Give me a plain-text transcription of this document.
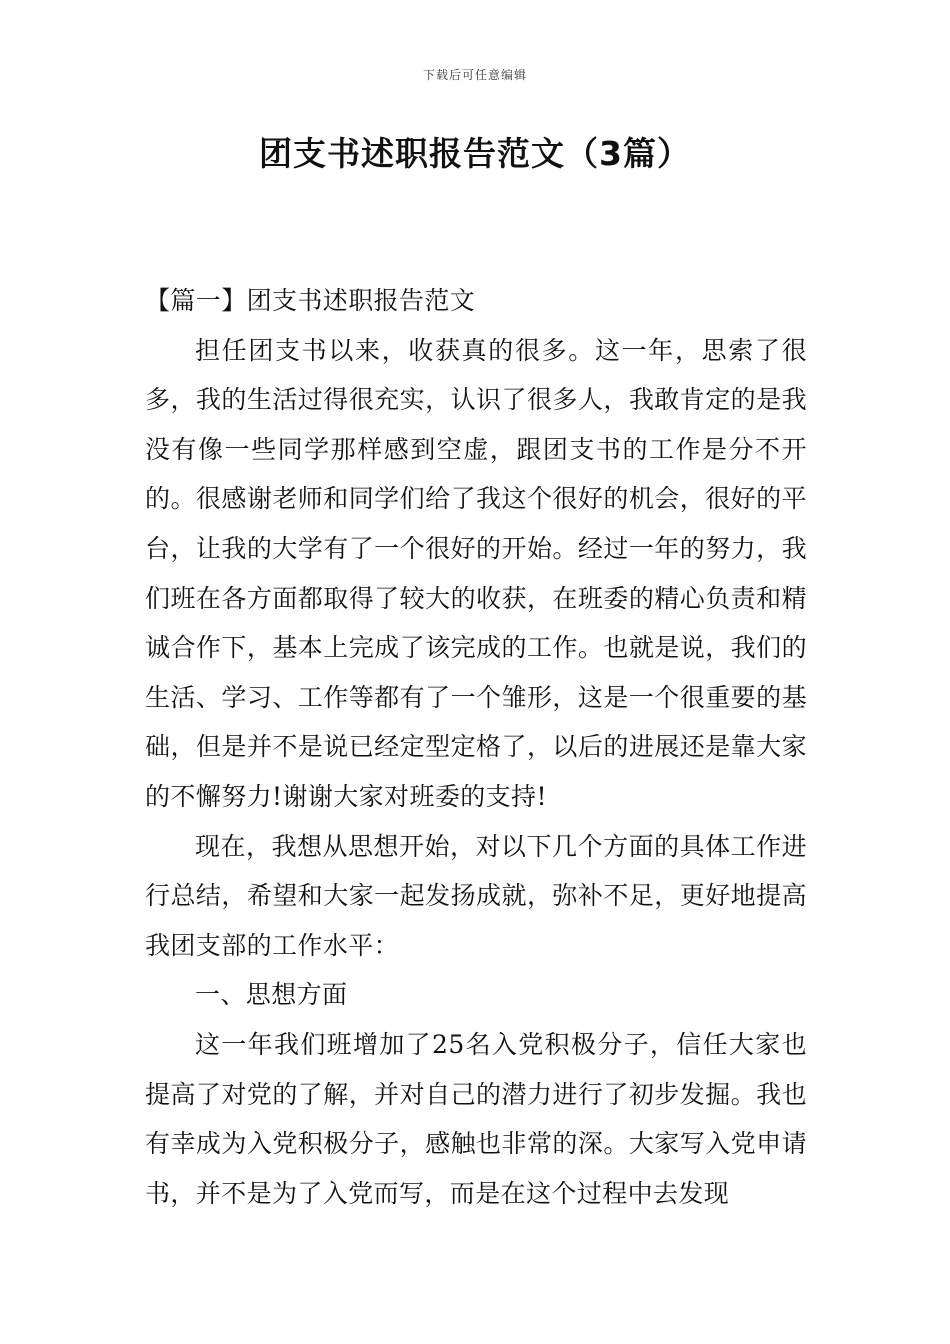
下载后可任意编辑
团支书述职报告范文（3篇）

【篇一】团支书述职报告范文

担任团支书以来，收获真的很多。这一年，思索了很多，我的生活过得很充实，认识了很多人，我敢肯定的是我没有像一些同学那样感到空虚，跟团支书的工作是分不开的。很感谢老师和同学们给了我这个很好的机会，很好的平台，让我的大学有了一个很好的开始。经过一年的努力，我们班在各方面都取得了较大的收获，在班委的精心负责和精诚合作下，基本上完成了该完成的工作。也就是说，我们的生活、学习、工作等都有了一个雏形，这是一个很重要的基础，但是并不是说已经定型定格了，以后的进展还是靠大家的不懈努力!谢谢大家对班委的支持!

现在，我想从思想开始，对以下几个方面的具体工作进行总结，希望和大家一起发扬成就，弥补不足，更好地提高我团支部的工作水平：

一、思想方面

这一年我们班增加了25名入党积极分子，信任大家也提高了对党的了解，并对自己的潜力进行了初步发掘。我也有幸成为入党积极分子，感触也非常的深。大家写入党申请书，并不是为了入党而写，而是在这个过程中去发现
